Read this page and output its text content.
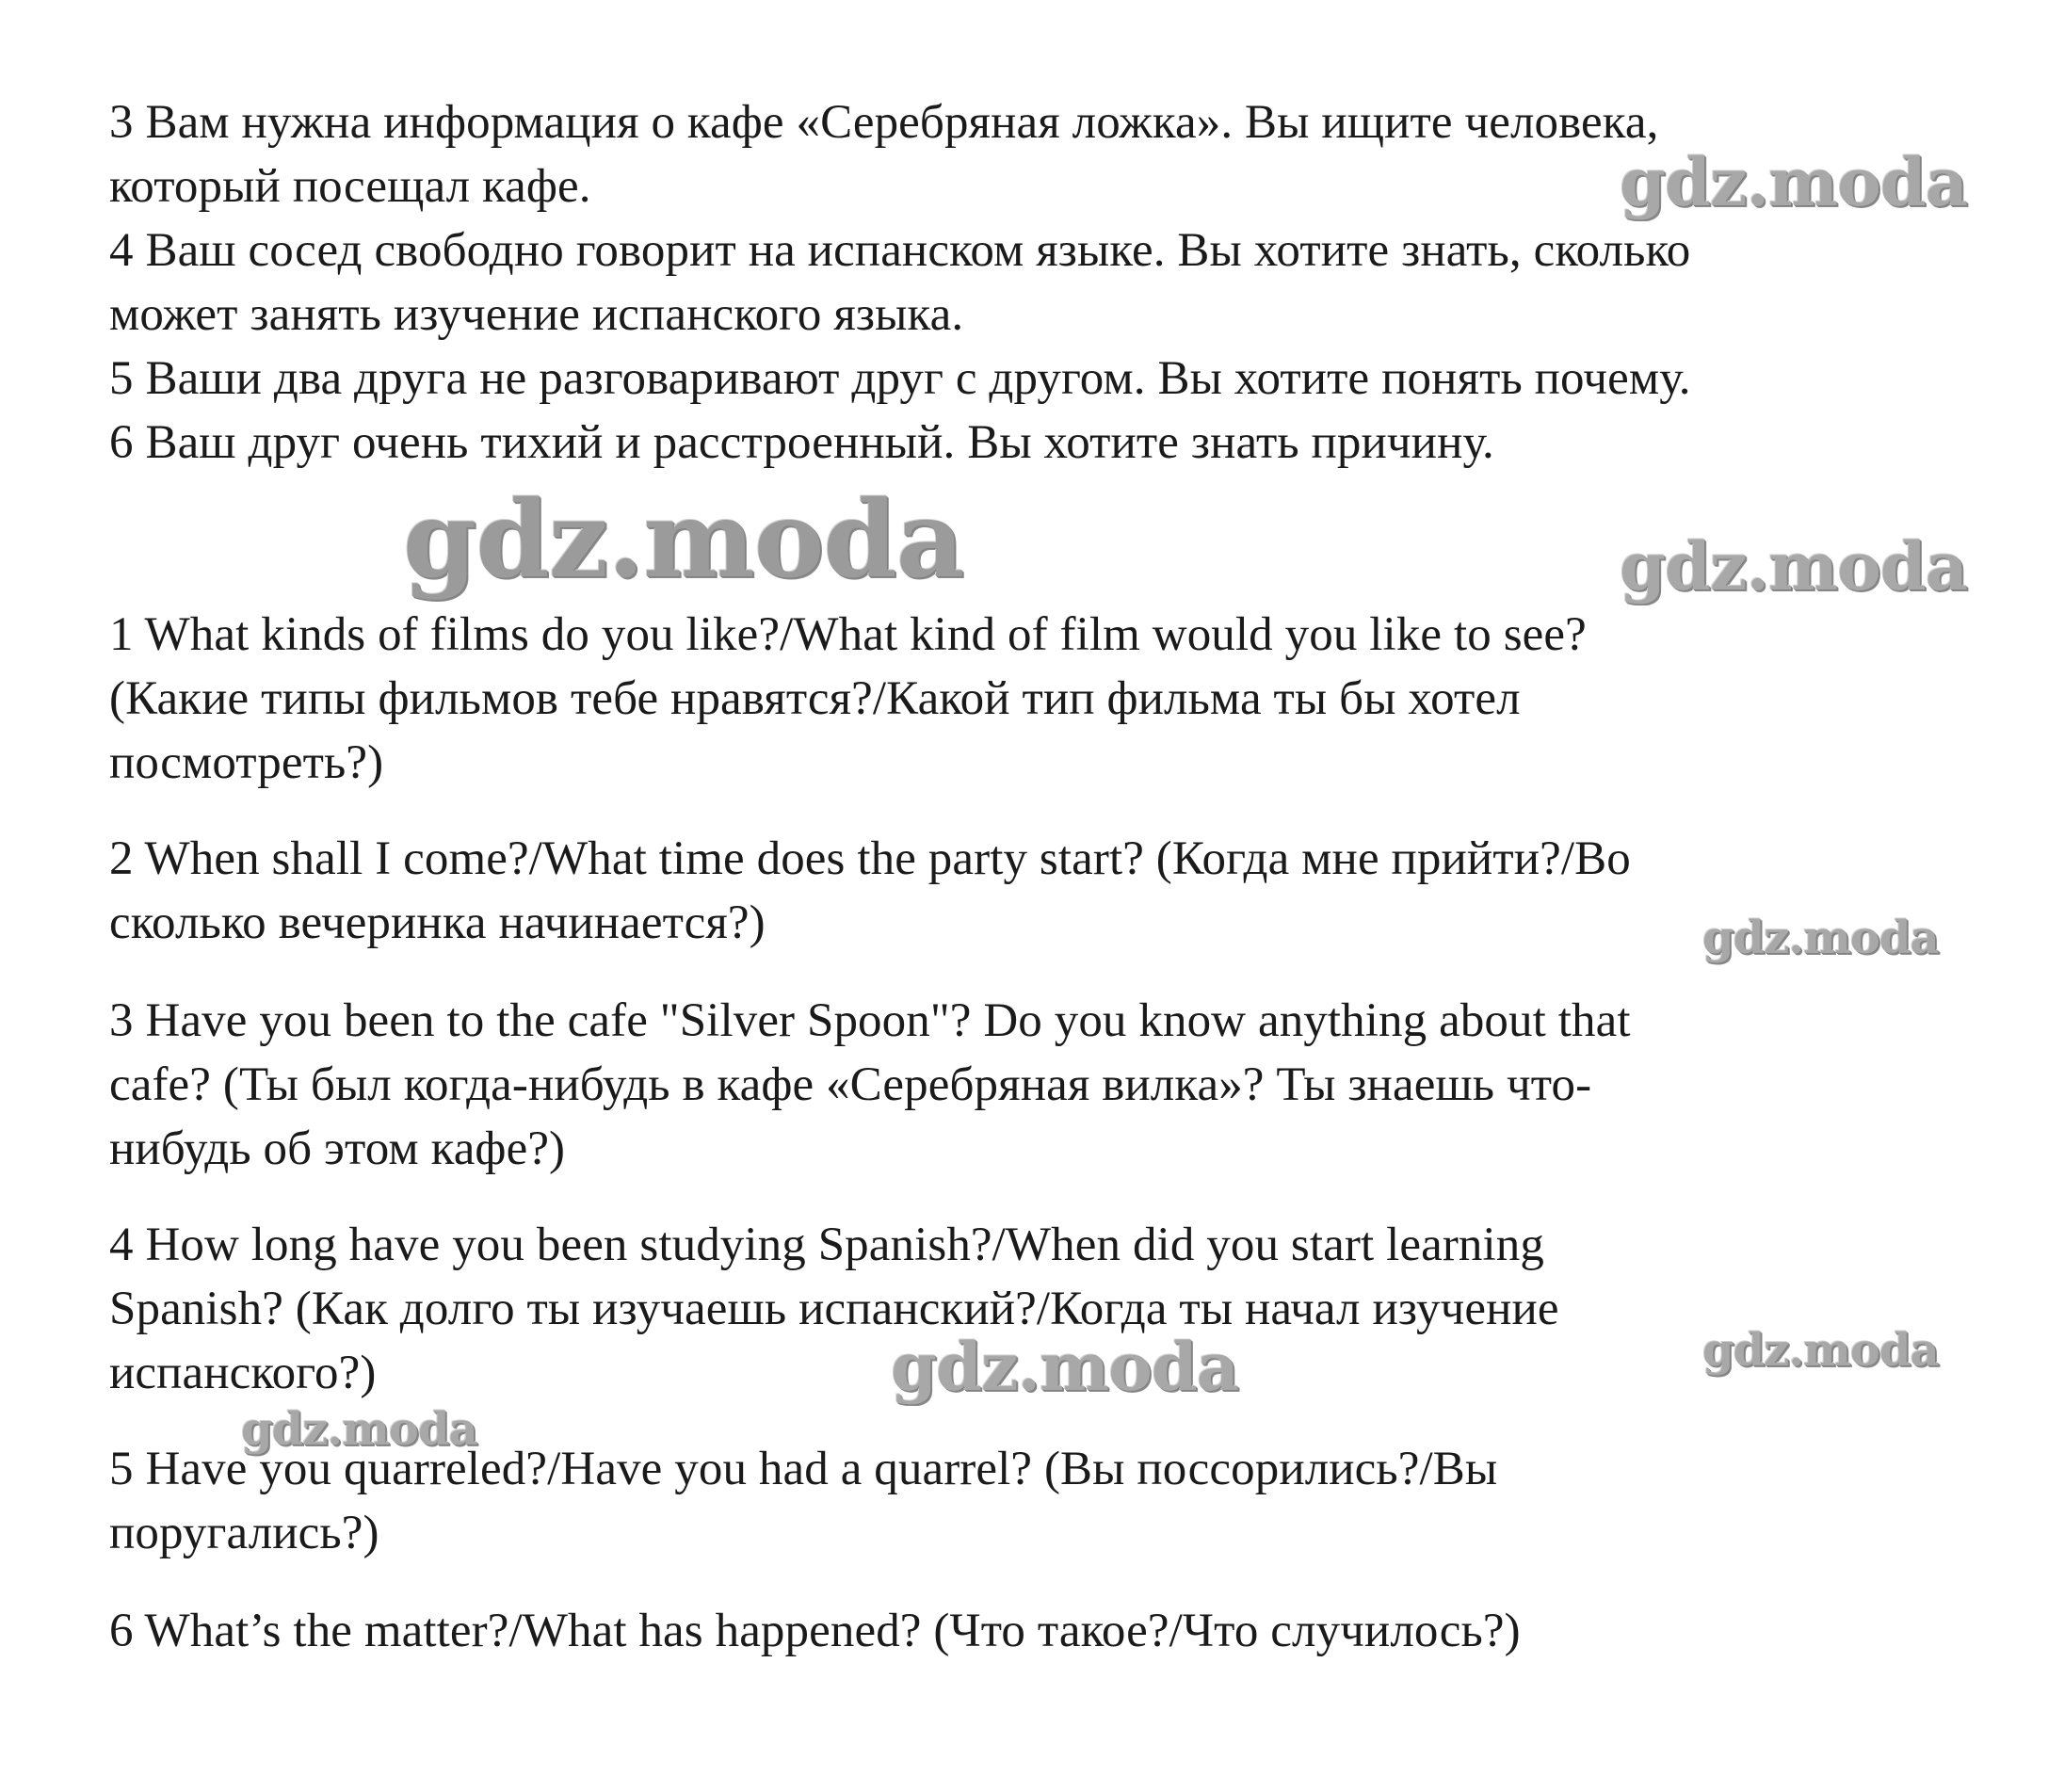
3 Вам нужна информация о кафе «Серебряная ложка». Вы ищите человека,
который посещал кафе.
4 Ваш сосед свободно говорит на испанском языке. Вы хотите знать, сколько
может занять изучение испанского языка.
5 Ваши два друга не разговаривают друг с другом. Вы хотите понять почему.
6 Ваш друг очень тихий и расстроенный. Вы хотите знать причину.
1 What kinds of films do you like?/What kind of film would you like to see?
(Какие типы фильмов тебе нравятся?/Какой тип фильма ты бы хотел
посмотреть?)
2 When shall I come?/What time does the party start? (Когда мне прийти?/Во
сколько вечеринка начинается?)
3 Have you been to the cafe "Silver Spoon"? Do you know anything about that
cafe? (Ты был когда-нибудь в кафе «Серебряная вилка»? Ты знаешь что-
нибудь об этом кафе?)
4 How long have you been studying Spanish?/When did you start learning
Spanish? (Как долго ты изучаешь испанский?/Когда ты начал изучение
испанского?)
5 Have you quarreled?/Have you had a quarrel? (Вы поссорились?/Вы
поругались?)
6 What’s the matter?/What has happened? (Что такое?/Что случилось?)
gdz.moda
gdz.moda	gdz.moda
gdz.moda
gdz.moda	gdz.moda
gdz.moda
